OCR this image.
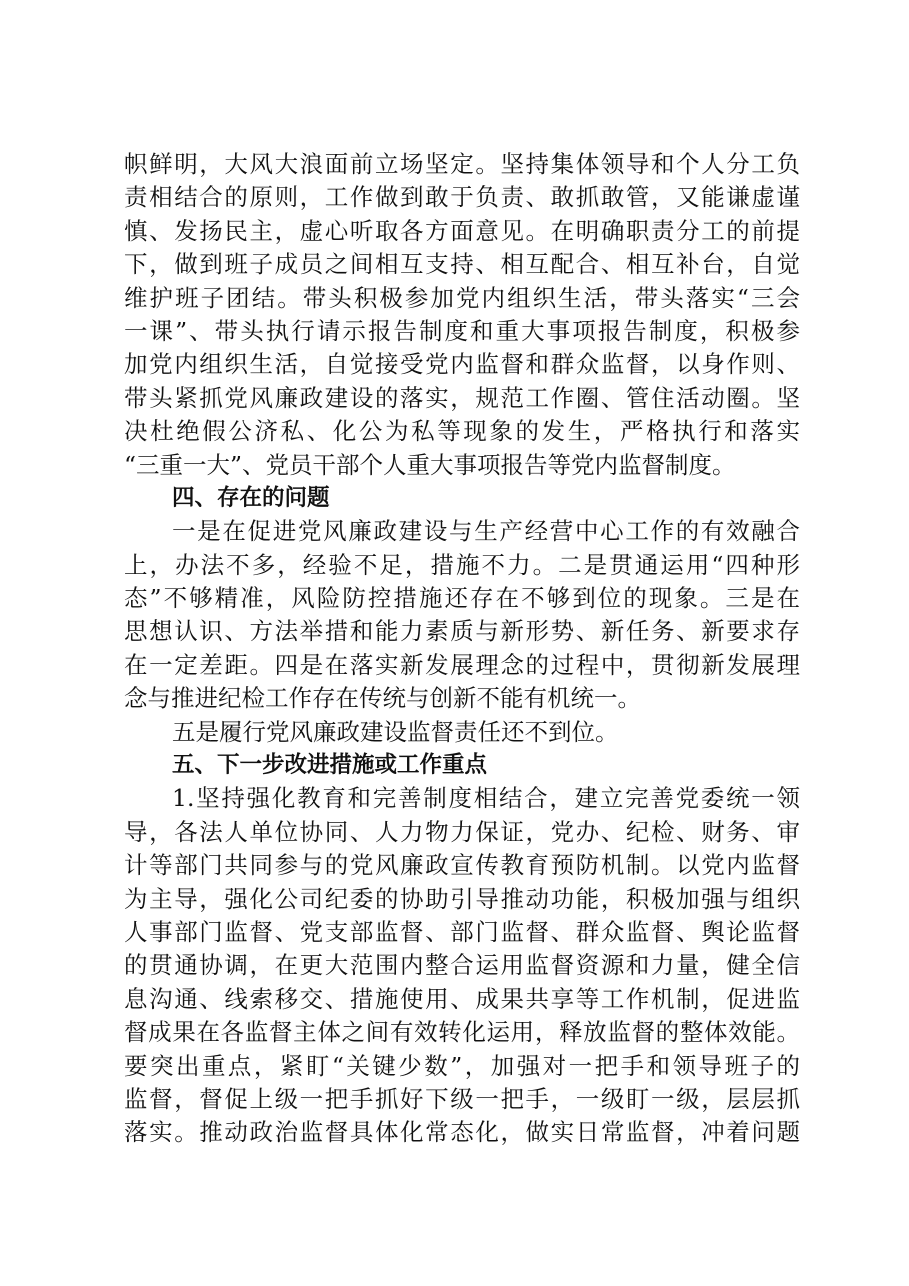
帜鲜明，大风大浪面前立场坚定。坚持集体领导和个人分工负
责相结合的原则，工作做到敢于负责、敢抓敢管，又能谦虚谨
慎、发扬民主，虚心听取各方面意见。在明确职责分工的前提
下，做到班子成员之间相互支持、相互配合、相互补台，自觉
维护班子团结。带头积极参加党内组织生活，带头落实“三会
一课”、带头执行请示报告制度和重大事项报告制度，积极参
加党内组织生活，自觉接受党内监督和群众监督，以身作则、
带头紧抓党风廉政建设的落实，规范工作圈、管住活动圈。坚
决杜绝假公济私、化公为私等现象的发生，严格执行和落实
“三重一大”、党员干部个人重大事项报告等党内监督制度。
四、存在的问题
一是在促进党风廉政建设与生产经营中心工作的有效融合
上，办法不多，经验不足，措施不力。二是贯通运用“四种形
态”不够精准，风险防控措施还存在不够到位的现象。三是在
思想认识、方法举措和能力素质与新形势、新任务、新要求存
在一定差距。四是在落实新发展理念的过程中，贯彻新发展理
念与推进纪检工作存在传统与创新不能有机统一。
五是履行党风廉政建设监督责任还不到位。
五、下一步改进措施或工作重点
1.坚持强化教育和完善制度相结合，建立完善党委统一领
导，各法人单位协同、人力物力保证，党办、纪检、财务、审
计等部门共同参与的党风廉政宣传教育预防机制。以党内监督
为主导，强化公司纪委的协助引导推动功能，积极加强与组织
人事部门监督、党支部监督、部门监督、群众监督、舆论监督
的贯通协调，在更大范围内整合运用监督资源和力量，健全信
息沟通、线索移交、措施使用、成果共享等工作机制，促进监
督成果在各监督主体之间有效转化运用，释放监督的整体效能。
要突出重点，紧盯“关键少数”，加强对一把手和领导班子的
监督，督促上级一把手抓好下级一把手，一级盯一级，层层抓
落实。推动政治监督具体化常态化，做实日常监督，冲着问题
